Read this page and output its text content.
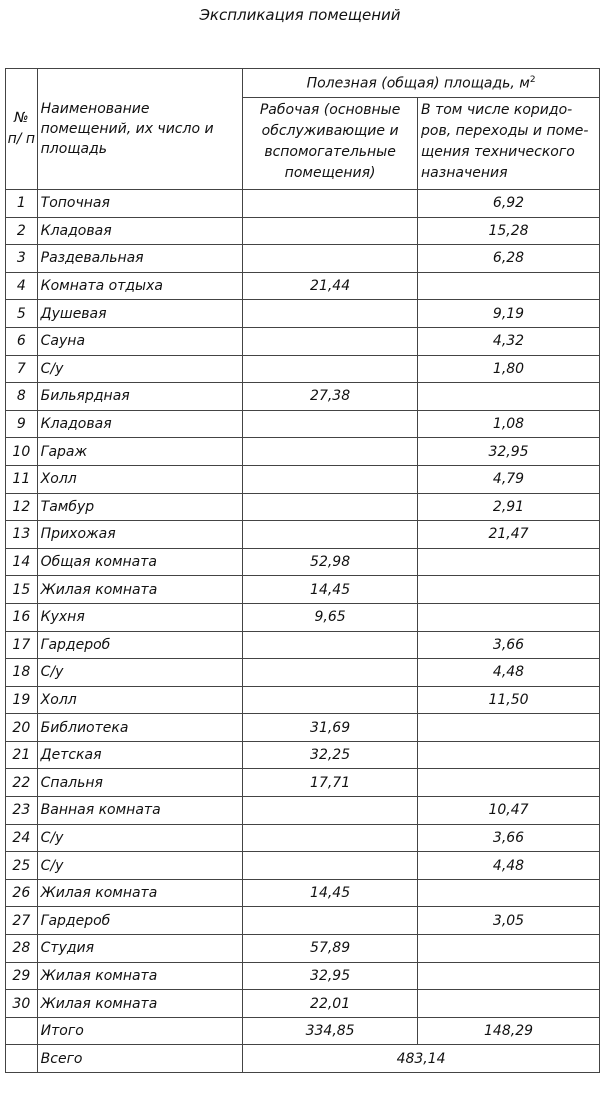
Экспликация помещений
№ п/ п	Наименование помещений, их число и площадь	Полезная (общая) площадь, $м^2$
		Рабочая (основные обслуживающие и вспомогательные помещения)	В том числе коридо-ров, переходы и поме-щения технического назначения
1	Топочная		6,92
2	Кладовая		15,28
3	Раздевальная		6,28
4	Комната отдыха	21,44	
5	Душевая		9,19
6	Сауна		4,32
7	С/у		1,80
8	Бильярдная	27,38	
9	Кладовая		1,08
10	Гараж		32,95
11	Холл		4,79
12	Тамбур		2,91
13	Прихожая		21,47
14	Общая комната	52,98	
15	Жилая комната	14,45	
16	Кухня	9,65	
17	Гардероб		3,66
18	С/у		4,48
19	Холл		11,50
20	Библиотека	31,69	
21	Детская	32,25	
22	Спальня	17,71	
23	Ванная комната		10,47
24	С/у		3,66
25	С/у		4,48
26	Жилая комната	14,45	
27	Гардероб		3,05
28	Студия	57,89	
29	Жилая комната	32,95	
30	Жилая комната	22,01	
	Итого	334,85	148,29
	Всего	483,14	
